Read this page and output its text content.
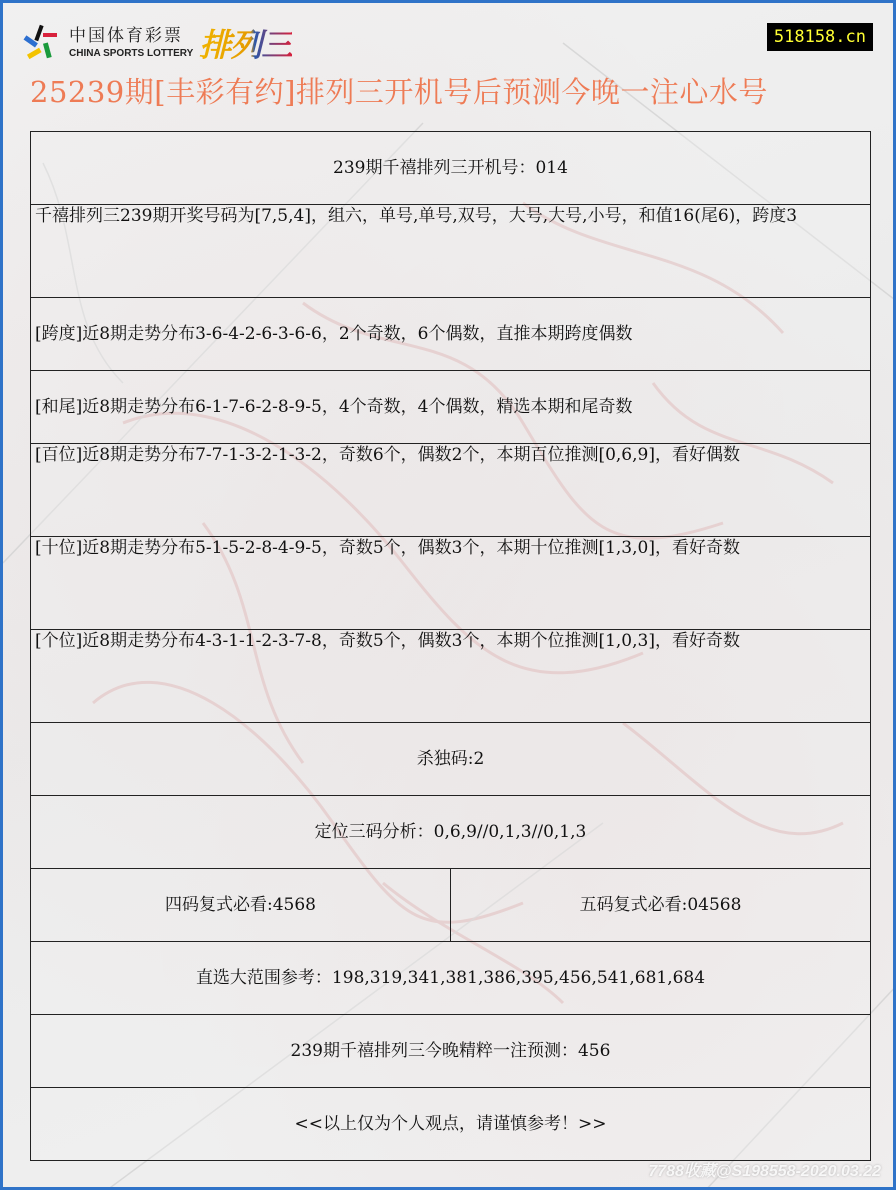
中国体育彩票
CHINA SPORTS LOTTERY 排列三	518158.cn
25239期[丰彩有约]排列三开机号后预测今晚一注心水号
239期千禧排列三开机号：014
千禧排列三239期开奖号码为[7,5,4]，组六，单号,单号,双号，大号,大号,小号，和值16(尾6)，跨度3
[跨度]近8期走势分布3-6-4-2-6-3-6-6，2个奇数，6个偶数，直推本期跨度偶数
[和尾]近8期走势分布6-1-7-6-2-8-9-5，4个奇数，4个偶数，精选本期和尾奇数
[百位]近8期走势分布7-7-1-3-2-1-3-2，奇数6个，偶数2个，本期百位推测[0,6,9]，看好偶数
[十位]近8期走势分布5-1-5-2-8-4-9-5，奇数5个，偶数3个，本期十位推测[1,3,0]，看好奇数
[个位]近8期走势分布4-3-1-1-2-3-7-8，奇数5个，偶数3个，本期个位推测[1,0,3]，看好奇数
杀独码:2
定位三码分析：0,6,9//0,1,3//0,1,3
四码复式必看:4568	五码复式必看:04568
直选大范围参考：198,319,341,381,386,395,456,541,681,684
239期千禧排列三今晚精粹一注预测：456
<<以上仅为个人观点，请谨慎参考！>>
7788收藏@S198558-2020.03.22
